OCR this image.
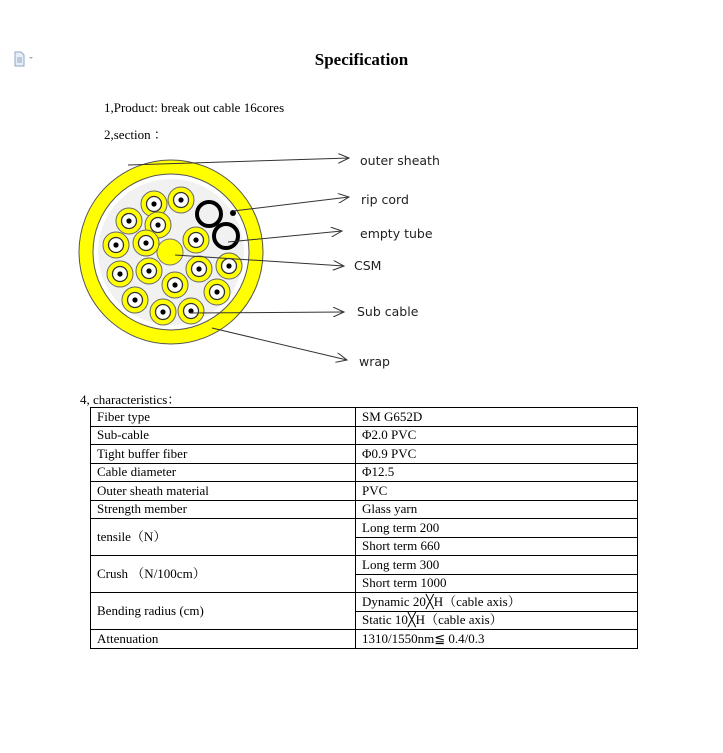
Specification
1,Product: break out cable 16cores
2,section ：
outer sheath
rip cord
empty tube
CSM
Sub cable
wrap
4, characteristics：
Fiber type	SM G652D
Sub-cable	Φ2.0 PVC
Tight buffer fiber	Φ0.9 PVC
Cable diameter	Φ12.5
Outer sheath material	PVC
Strength member	Glass yarn
tensile（N）	Long term 200
	Short term 660
Crush （N/100cm）	Long term 300
	Short term 1000
Bending radius (cm)	Dynamic 20╳H（cable axis）
	Static 10╳H（cable axis）
Attenuation	1310/1550nm≦ 0.4/0.3
